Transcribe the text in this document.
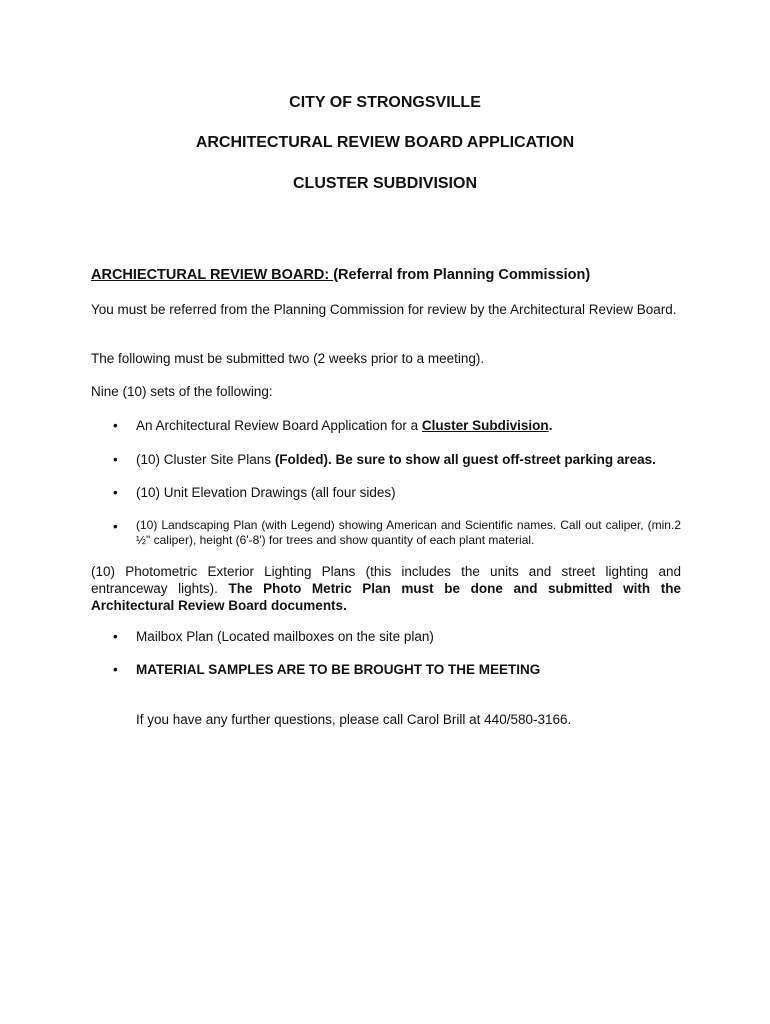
CITY OF STRONGSVILLE
ARCHITECTURAL REVIEW BOARD APPLICATION
CLUSTER SUBDIVISION
ARCHIECTURAL REVIEW BOARD: (Referral from Planning Commission)
You must be referred from the Planning Commission for review by the Architectural Review Board.
The following must be submitted two (2 weeks prior to a meeting).
Nine (10) sets of the following:
• An Architectural Review Board Application for a Cluster Subdivision.
• (10) Cluster Site Plans (Folded). Be sure to show all guest off-street parking areas.
• (10) Unit Elevation Drawings (all four sides)
• (10) Landscaping Plan (with Legend) showing American and Scientific names. Call out caliper, (min.2 ½" caliper), height (6'-8') for trees and show quantity of each plant material.
(10) Photometric Exterior Lighting Plans (this includes the units and street lighting and entranceway lights). The Photo Metric Plan must be done and submitted with the Architectural Review Board documents.
• Mailbox Plan (Located mailboxes on the site plan)
• MATERIAL SAMPLES ARE TO BE BROUGHT TO THE MEETING
If you have any further questions, please call Carol Brill at 440/580-3166.
